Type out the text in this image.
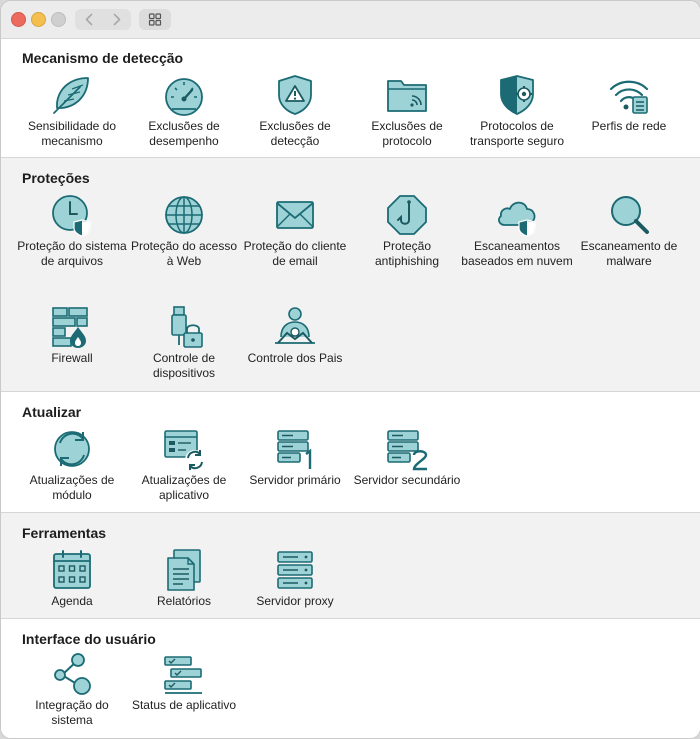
Mecanismo de detecção
Sensibilidade do mecanismo
Exclusões de desempenho
Exclusões de detecção
Exclusões de protocolo
Protocolos de transporte seguro
Perfis de rede
Proteções
Proteção do sistema de arquivos
Proteção do acesso à Web
Proteção do cliente de email
Proteção antiphishing
Escaneamentos baseados em nuvem
Escaneamento de malware
Firewall	Controle de dispositivos
Controle dos Pais
Atualizar
Atualizações de módulo
Atualizações de aplicativo
Servidor primário	Servidor secundário
Ferramentas
Agenda	Relatórios	Servidor proxy
Interface do usuário
Integração do sistema
Status de aplicativo
